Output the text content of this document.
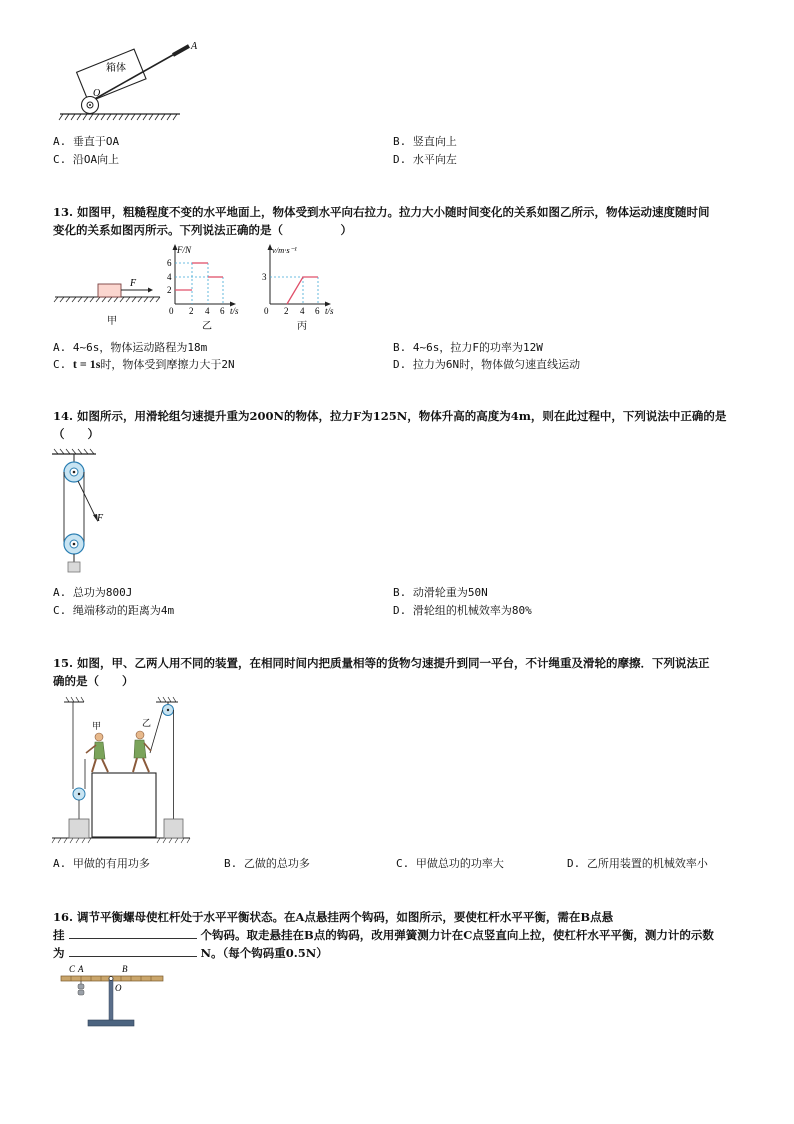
箱体
A
O
A. 垂直于OA	B. 竖直向上
C. 沿OA向上	D. 水平向左
13. 如图甲，粗糙程度不变的水平地面上，物体受到水平向右拉力。拉力大小随时间变化的关系如图乙所示，物体运动速度随时间
变化的关系如图丙所示。下列说法正确的是（　　　　　）
F
甲
F/N
t/s
2
4
6
0 2 4 6
乙
v/m·s⁻¹
t/s
3
0 2 4 6
丙
A. 4~6s，物体运动路程为18m	B. 4~6s，拉力F的功率为12W
C. t = 1s时，物体受到摩擦力大于2N	D. 拉力为6N时，物体做匀速直线运动
14. 如图所示，用滑轮组匀速提升重为200N的物体，拉力F为125N，物体升高的高度为4m，则在此过程中，下列说法中正确的是
（　　）
F
A. 总功为800J	B. 动滑轮重为50N
C. 绳端移动的距离为4m	D. 滑轮组的机械效率为80%
15. 如图，甲、乙两人用不同的装置，在相同时间内把质量相等的货物匀速提升到同一平台，不计绳重及滑轮的摩擦．下列说法正
确的是（　　）
甲	乙
A. 甲做的有用功多	B. 乙做的总功多	C. 甲做总功的功率大	D. 乙所用装置的机械效率小
16. 调节平衡螺母使杠杆处于水平平衡状态。在A点悬挂两个钩码，如图所示，要使杠杆水平平衡，需在B点悬
挂	个钩码。取走悬挂在B点的钩码，改用弹簧测力计在C点竖直向上拉，使杠杆水平平衡，测力计的示数
为	N。（每个钩码重0.5N）
C A	B
O
